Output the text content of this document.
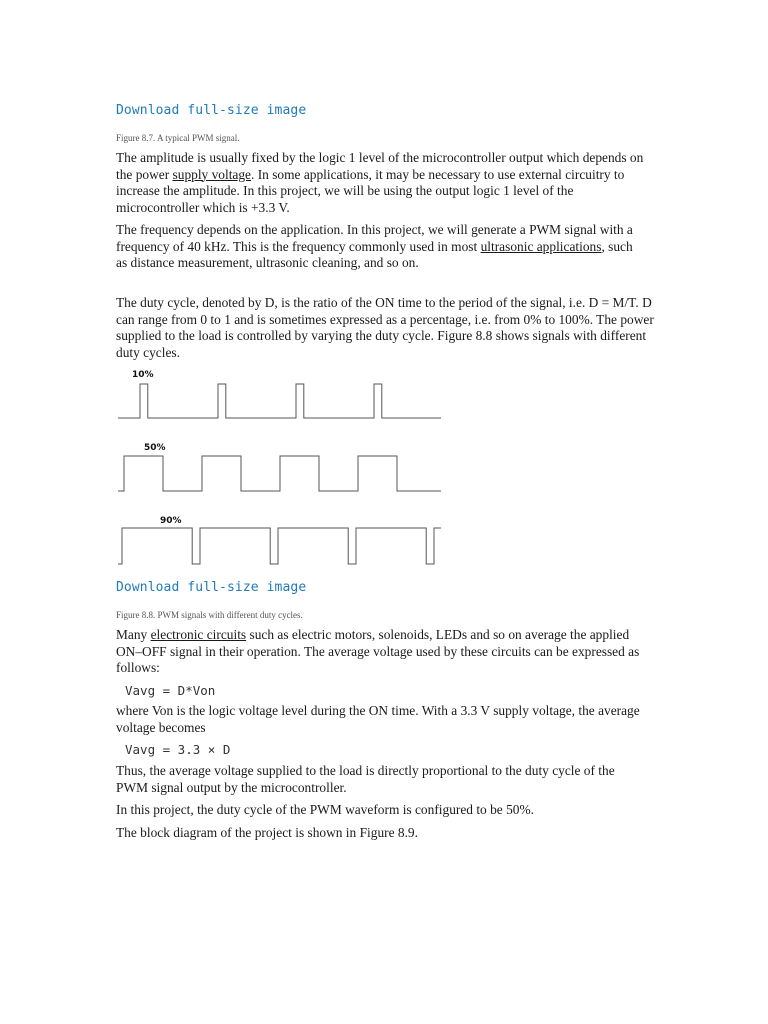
Download full-size image
Figure 8.7. A typical PWM signal.

The amplitude is usually fixed by the logic 1 level of the microcontroller output which depends on the power supply voltage. In some applications, it may be necessary to use external circuitry to increase the amplitude. In this project, we will be using the output logic 1 level of the microcontroller which is +3.3 V.

The frequency depends on the application. In this project, we will generate a PWM signal with a frequency of 40 kHz. This is the frequency commonly used in most ultrasonic applications, such as distance measurement, ultrasonic cleaning, and so on.

The duty cycle, denoted by D, is the ratio of the ON time to the period of the signal, i.e. D = M/T. D can range from 0 to 1 and is sometimes expressed as a percentage, i.e. from 0% to 100%. The power supplied to the load is controlled by varying the duty cycle. Figure 8.8 shows signals with different duty cycles.

10%
50%
90%
Download full-size image
Figure 8.8. PWM signals with different duty cycles.

Many electronic circuits such as electric motors, solenoids, LEDs and so on average the applied ON–OFF signal in their operation. The average voltage used by these circuits can be expressed as follows:

Vavg = D*Von

where Von is the logic voltage level during the ON time. With a 3.3 V supply voltage, the average voltage becomes

Vavg = 3.3 × D

Thus, the average voltage supplied to the load is directly proportional to the duty cycle of the PWM signal output by the microcontroller.

In this project, the duty cycle of the PWM waveform is configured to be 50%.

The block diagram of the project is shown in Figure 8.9.
